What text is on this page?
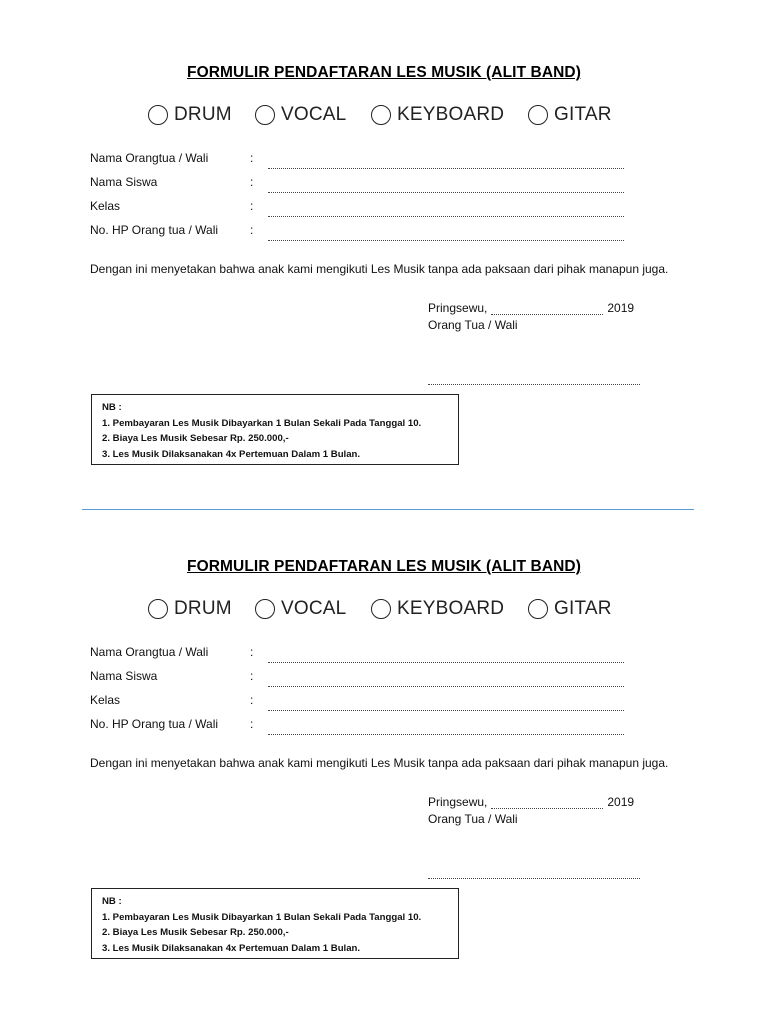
FORMULIR PENDAFTARAN LES MUSIK (ALIT BAND)
DRUM	VOCAL	KEYBOARD	GITAR
Nama Orangtua / Wali	:
Nama Siswa	:
Kelas	:
No. HP Orang tua / Wali	:

Dengan ini menyetakan bahwa anak kami mengikuti Les Musik tanpa ada paksaan dari pihak manapun juga.

Pringsewu,	2019
Orang Tua / Wali
NB :
1. Pembayaran Les Musik Dibayarkan 1 Bulan Sekali Pada Tanggal 10.
2. Biaya Les Musik Sebesar Rp. 250.000,-
3. Les Musik Dilaksanakan 4x Pertemuan Dalam 1 Bulan.
FORMULIR PENDAFTARAN LES MUSIK (ALIT BAND)
DRUM	VOCAL	KEYBOARD	GITAR
Nama Orangtua / Wali	:
Nama Siswa	:
Kelas	:
No. HP Orang tua / Wali	:

Dengan ini menyetakan bahwa anak kami mengikuti Les Musik tanpa ada paksaan dari pihak manapun juga.

Pringsewu,	2019
Orang Tua / Wali
NB :
1. Pembayaran Les Musik Dibayarkan 1 Bulan Sekali Pada Tanggal 10.
2. Biaya Les Musik Sebesar Rp. 250.000,-
3. Les Musik Dilaksanakan 4x Pertemuan Dalam 1 Bulan.
